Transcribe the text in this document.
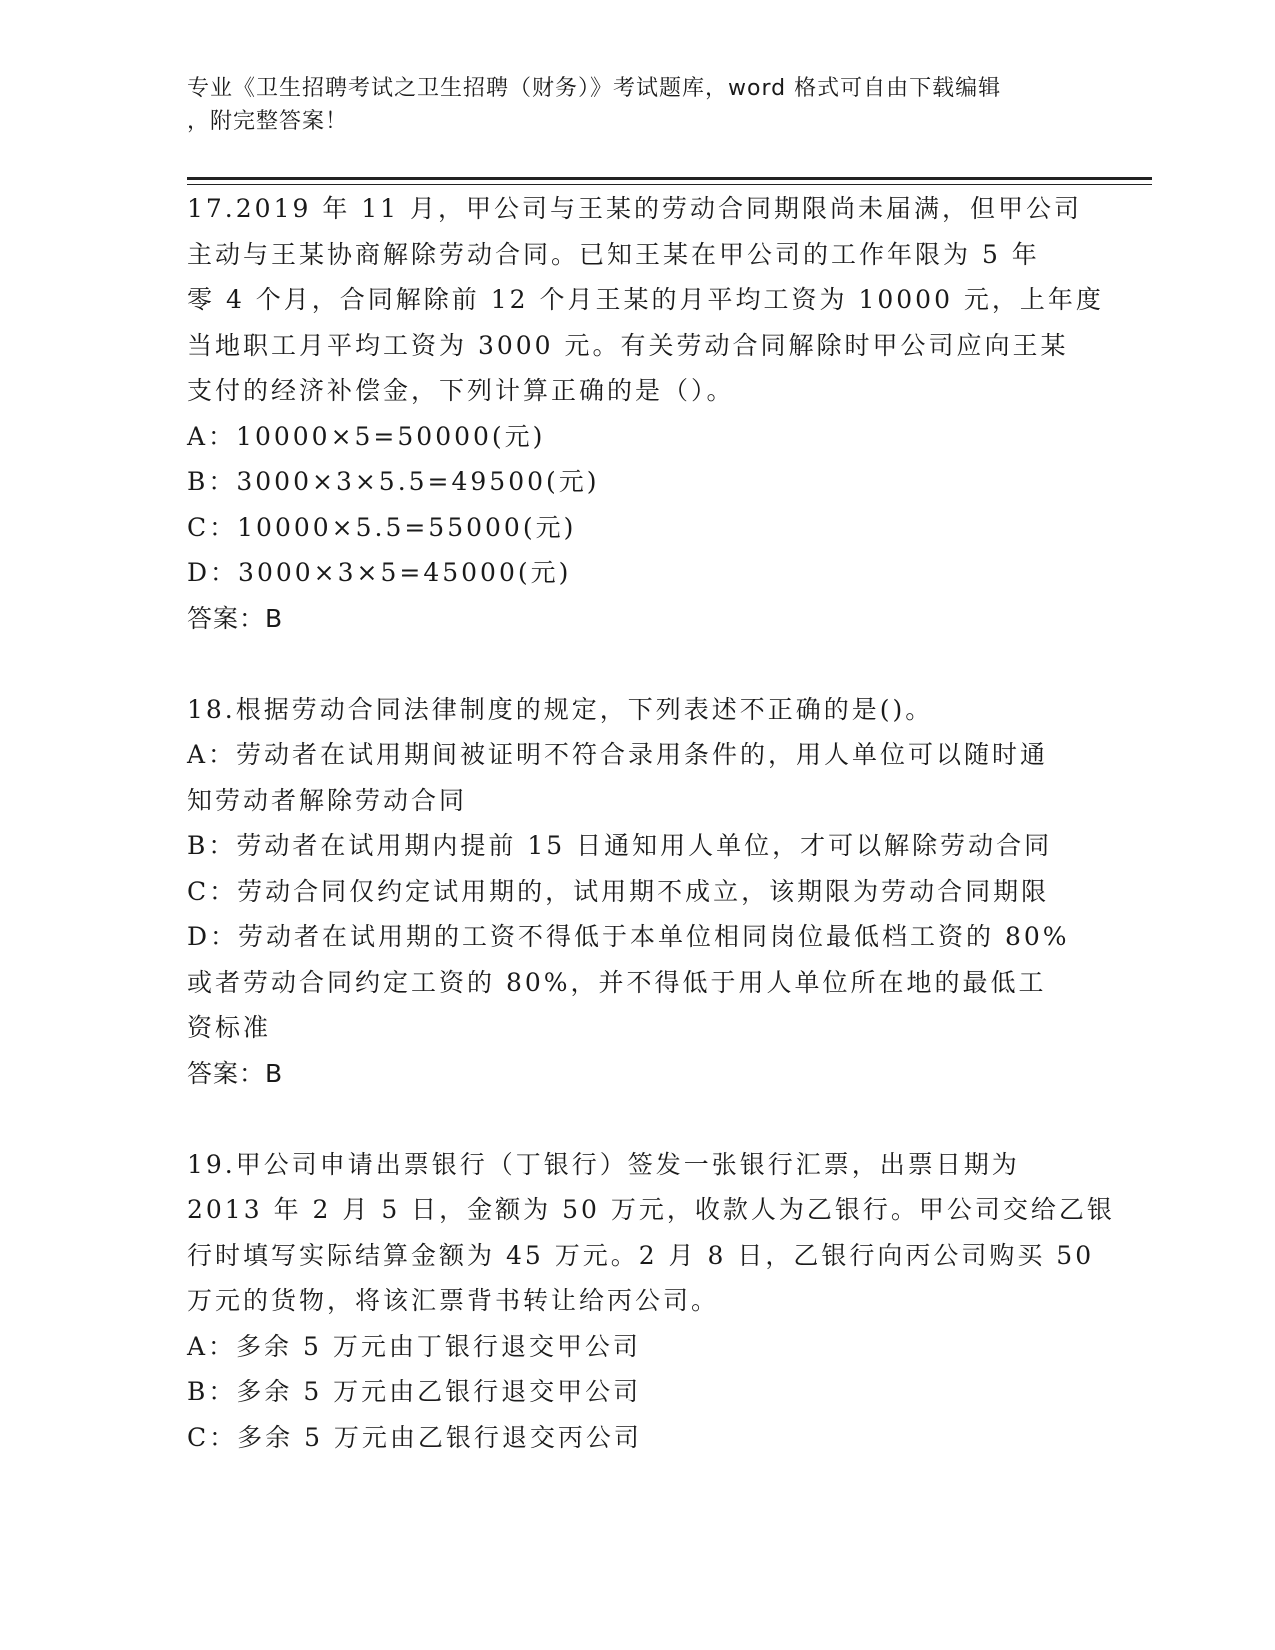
专业《卫生招聘考试之卫生招聘（财务）》考试题库，word 格式可自由下载编辑
，附完整答案！
17.2019 年 11 月，甲公司与王某的劳动合同期限尚未届满，但甲公司
主动与王某协商解除劳动合同。已知王某在甲公司的工作年限为 5 年
零 4 个月，合同解除前 12 个月王某的月平均工资为 10000 元，上年度
当地职工月平均工资为 3000 元。有关劳动合同解除时甲公司应向王某
支付的经济补偿金，下列计算正确的是（）。
A：10000×5=50000(元)
B：3000×3×5.5=49500(元)
C：10000×5.5=55000(元)
D：3000×3×5=45000(元)
答案：B
18.根据劳动合同法律制度的规定，下列表述不正确的是()。
A：劳动者在试用期间被证明不符合录用条件的，用人单位可以随时通
知劳动者解除劳动合同
B：劳动者在试用期内提前 15 日通知用人单位，才可以解除劳动合同
C：劳动合同仅约定试用期的，试用期不成立，该期限为劳动合同期限
D：劳动者在试用期的工资不得低于本单位相同岗位最低档工资的 80%
或者劳动合同约定工资的 80%，并不得低于用人单位所在地的最低工
资标准
答案：B
19.甲公司申请出票银行（丁银行）签发一张银行汇票，出票日期为
2013 年 2 月 5 日，金额为 50 万元，收款人为乙银行。甲公司交给乙银
行时填写实际结算金额为 45 万元。2 月 8 日，乙银行向丙公司购买 50
万元的货物，将该汇票背书转让给丙公司。
A：多余 5 万元由丁银行退交甲公司
B：多余 5 万元由乙银行退交甲公司
C：多余 5 万元由乙银行退交丙公司
